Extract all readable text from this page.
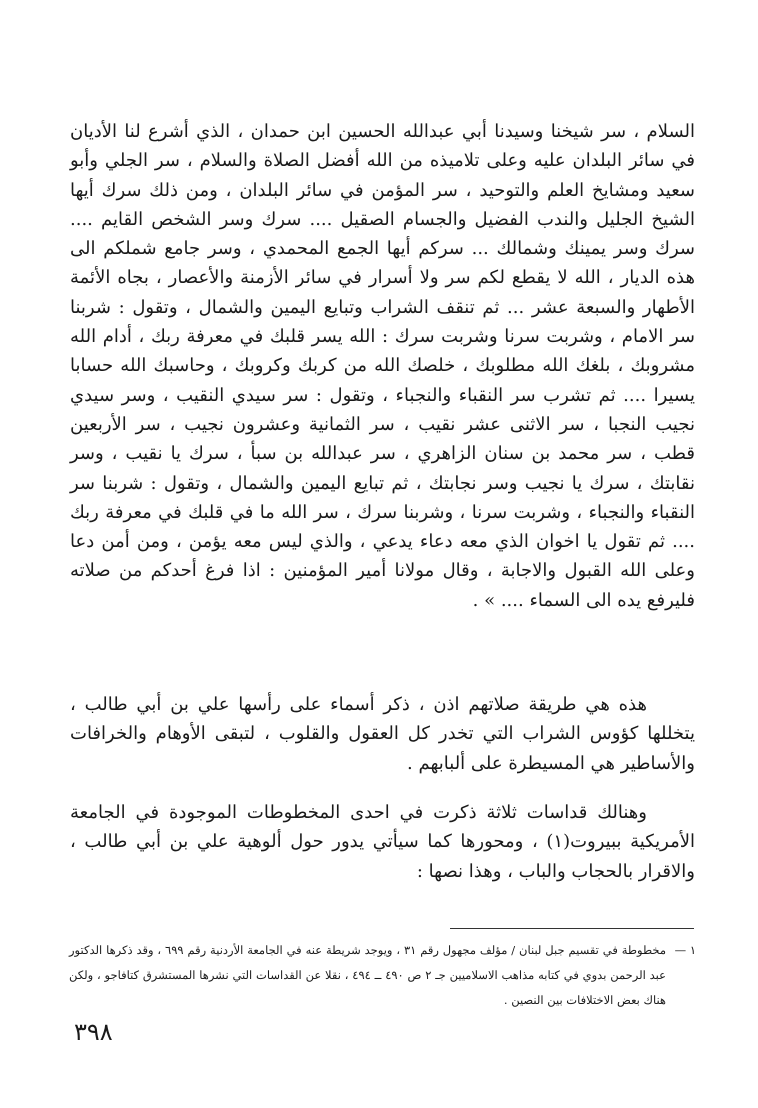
السلام ، سر شيخنا وسيدنا أبي عبدالله الحسين ابن حمدان ، الذي أشرع لنا الأديان في سائر البلدان عليه وعلى تلاميذه من الله أفضل الصلاة والسلام ، سر الجلي وأبو سعيد ومشايخ العلم والتوحيد ، سر المؤمن في سائر البلدان ، ومن ذلك سرك أيها الشيخ الجليل والندب الفضيل والجسام الصقيل .... سرك وسر الشخص القايم .... سرك وسر يمينك وشمالك ... سرکم أيها الجمع المحمدي ، وسر جامع شملكم الى هذه الديار ، الله لا يقطع لكم سر ولا أسرار في سائر الأزمنة والأعصار ، بجاه الأئمة الأطهار والسبعة عشر ... ثم تنقف الشراب وتبايع اليمين والشمال ، وتقول : شربنا سر الامام ، وشربت سرنا وشربت سرك : الله يسر قلبك في معرفة ربك ، أدام الله مشروبك ، بلغك الله مطلوبك ، خلصك الله من كربك وكروبك ، وحاسبك الله حسابا يسيرا .... ثم تشرب سر النقباء والنجباء ، وتقول : سر سيدي النقيب ، وسر سيدي نجيب النجبا ، سر الاثنى عشر نقيب ، سر الثمانية وعشرون نجيب ، سر الأربعين قطب ، سر محمد بن سنان الزاهري ، سر عبدالله بن سبأ ، سرك يا نقيب ، وسر نقابتك ، سرك يا نجيب وسر نجابتك ، ثم تبايع اليمين والشمال ، وتقول : شربنا سر النقباء والنجباء ، وشربت سرنا ، وشربنا سرك ، سر الله ما في قلبك في معرفة ربك .... ثم تقول يا اخوان الذي معه دعاء يدعي ، والذي ليس معه يؤمن ، ومن أمن دعا وعلى الله القبول والاجابة ، وقال مولانا أمير المؤمنين : اذا فرغ أحدكم من صلاته فليرفع يده الى السماء .... » .

هذه هي طريقة صلاتهم اذن ، ذكر أسماء على رأسها علي بن أبي طالب ، يتخللها كؤوس الشراب التي تخدر كل العقول والقلوب ، لتبقى الأوهام والخرافات والأساطير هي المسيطرة على ألبابهم .

وهنالك قداسات ثلاثة ذكرت في احدى المخطوطات الموجودة في الجامعة الأمريكية ببيروت(١) ، ومحورها كما سيأتي يدور حول ألوهية علي بن أبي طالب ، والاقرار بالحجاب والباب ، وهذا نصها :

١ —
مخطوطة في تقسيم جبل لبنان / مؤلف مجهول رقم ٣١ ، ويوجد شريطة عنه في الجامعة الأردنية رقم ٦٩٩ ، وقد ذكرها الدكتور عبد الرحمن بدوي في كتابه مذاهب الاسلاميين جـ ٢ ص ٤٩٠ ــ ٤٩٤ ، نقلا عن القداسات التي نشرها المستشرق كتافاجو ، ولكن هناك بعض الاختلافات بين النصين .
٣٩٨
